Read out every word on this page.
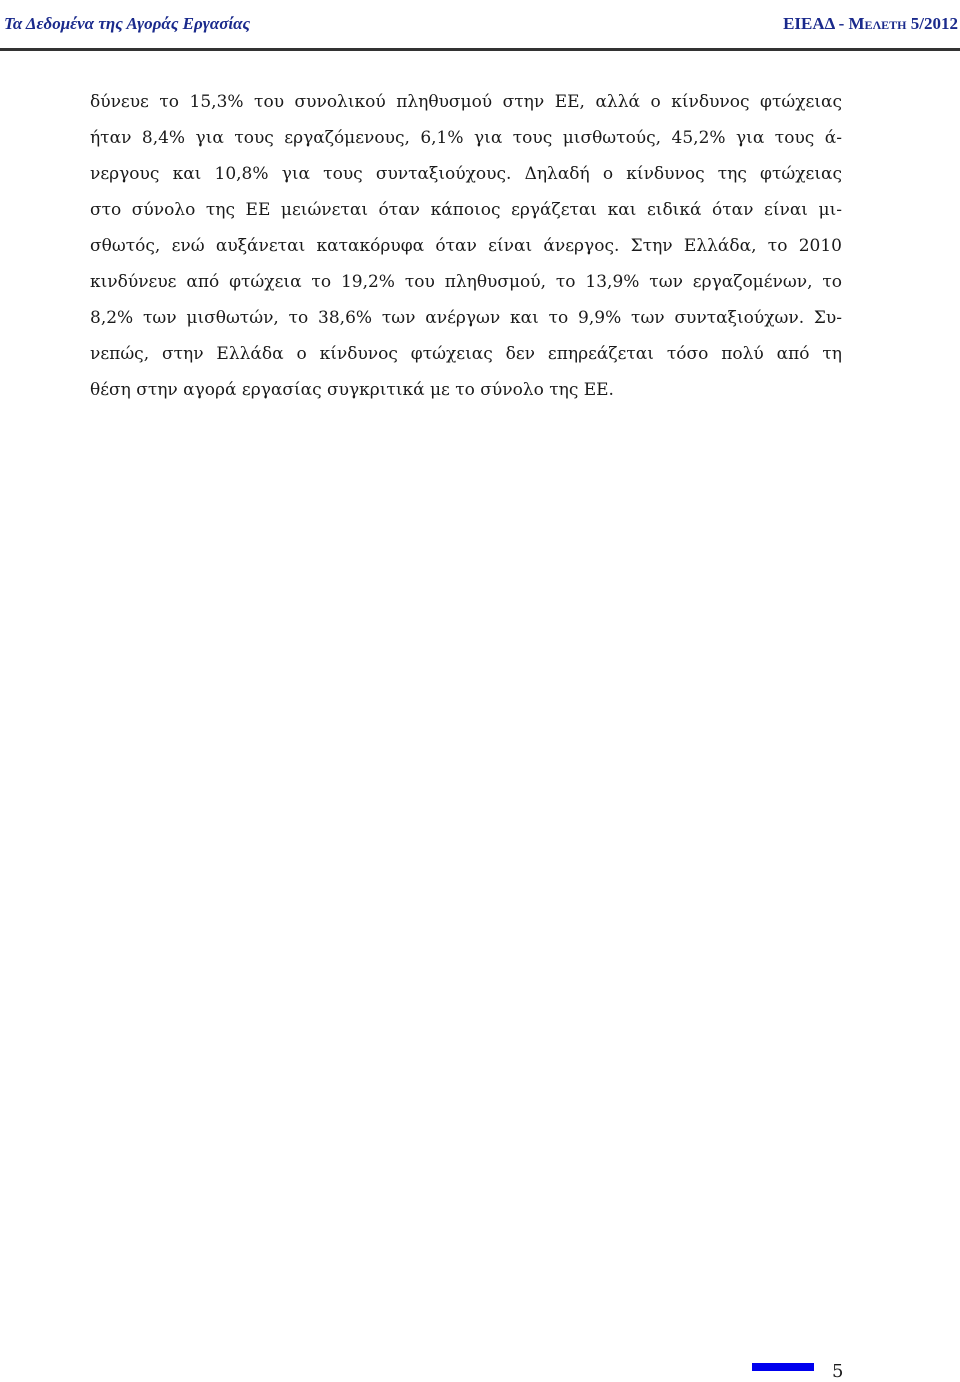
Τα Δεδομένα της Αγοράς Εργασίας	ΕΙΕΑΔ - Μελετη 5/2012
δύνευε το 15,3% του συνολικού πληθυσμού στην ΕΕ, αλλά ο κίνδυνος φτώχειας
ήταν 8,4% για τους εργαζόμενους, 6,1% για τους μισθωτούς, 45,2% για τους ά-
νεργους και 10,8% για τους συνταξιούχους. Δηλαδή ο κίνδυνος της φτώχειας
στο σύνολο της ΕΕ μειώνεται όταν κάποιος εργάζεται και ειδικά όταν είναι μι-
σθωτός, ενώ αυξάνεται κατακόρυφα όταν είναι άνεργος. Στην Ελλάδα, το 2010
κινδύνευε από φτώχεια το 19,2% του πληθυσμού, το 13,9% των εργαζομένων, το
8,2% των μισθωτών, το 38,6% των ανέργων και το 9,9% των συνταξιούχων. Συ-
νεπώς, στην Ελλάδα ο κίνδυνος φτώχειας δεν επηρεάζεται τόσο πολύ από τη
θέση στην αγορά εργασίας συγκριτικά με το σύνολο της ΕΕ.
5
